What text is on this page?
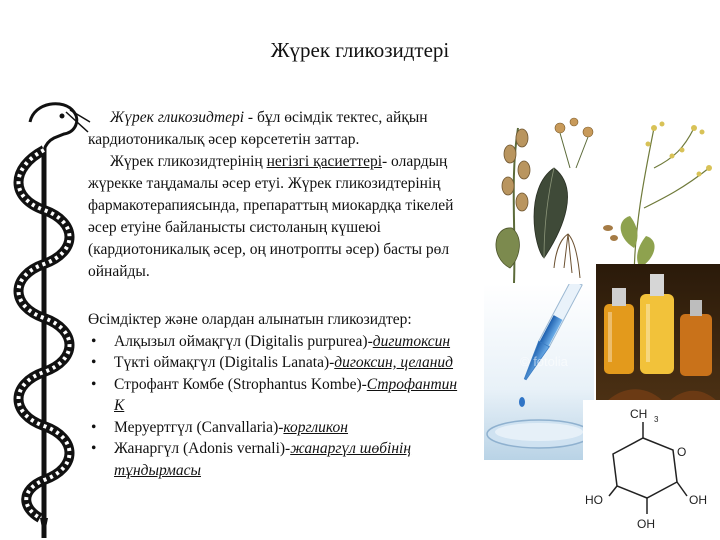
Жүрек гликозидтері

Жүрек гликозидтері - бұл өсімдік тектес, айқын кардиотоникалық әсер көрсететін заттар.

Жүрек гликозидтерінің негізгі қасиеттері- олардың жүрекке таңдамалы әсер етуі. Жүрек гликозидтерінің фармакотерапиясында, препараттың миокардқа тікелей әсер етуіне байланысты систоланың күшеюі (кардиотоникалық әсер, оң инотропты әсер) басты рөл ойнайды.

Өсімдіктер және олардан алынатын гликозидтер:
• Алқызыл оймақгүл (Digitalis purpurea)-дигитоксин
• Түкті оймақгүл (Digitalis Lanata)-дигоксин, целанид
• Строфант Комбе (Strophantus Kombe)-Строфантин К
• Меруертгүл (Canvallaria)-коргликон
• Жанаргүл (Adonis vernali)-жанаргүл шөбінің тұндырмасы
© fotolia
CH 3
O
HO	OH
OH
